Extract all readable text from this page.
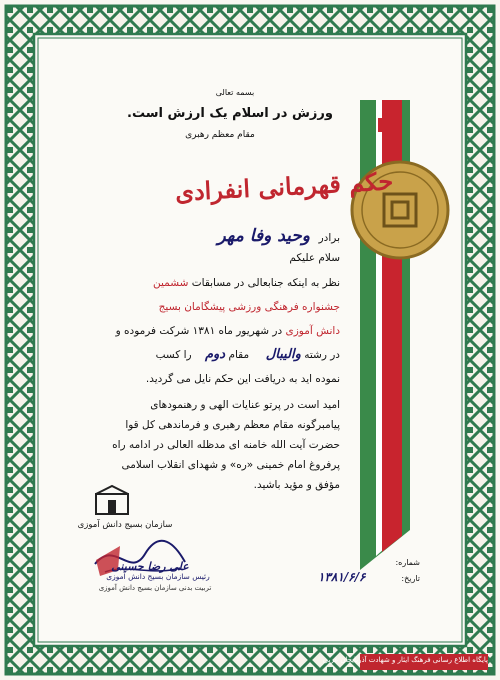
بسمه تعالی
ورزش در اسلام یک ارزش است.
مقام معظم رهبری
حکم قهرمانی انفرادی
برادر
وحید وفا مهر
سلام علیکم
نظر به اینکه جنابعالی در مسابقات ششمین
جشنواره فرهنگی ورزشی پیشگامان بسیج
دانش آموزی در شهریور ماه ۱۳۸۱ شرکت فرموده و
در رشته والیبال     مقام دوم    را کسب
نموده اید به دریافت این حکم نایل می گردید.
امید است در پرتو عنایات الهی و رهنمودهای
پیامبرگونه مقام معظم رهبری و فرماندهی کل قوا
حضرت آیت الله خامنه ای مدظله العالی در ادامه راه
پرفروغ امام خمینی «ره» و شهدای انقلاب اسلامی
مؤفق و مؤید باشید.
سازمان بسیج دانش آموزی
علی رضا حسینی
رئیس سازمان بسیج دانش آموزی
تربیت بدنی سازمان بسیج دانش آموزی
شماره:
تاریخ:
۱۳۸۱/۶/۶
پایگاه اطلاع رسانی فرهنگ ایثار و شهادت آذربایجان غربی
